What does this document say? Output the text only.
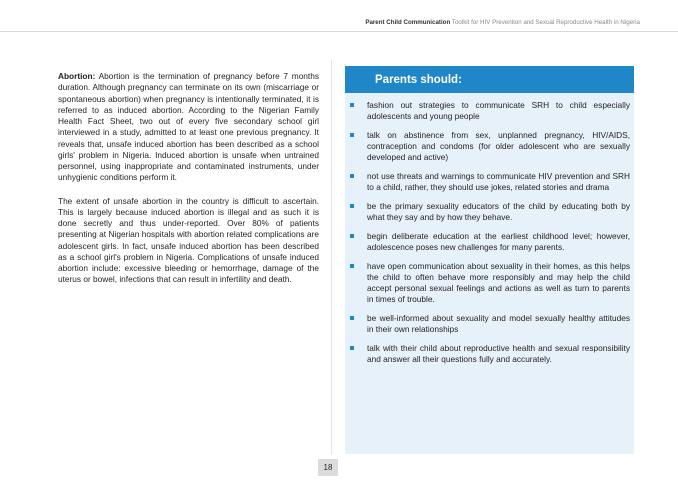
Parent Child Communication Toolkit for HIV Prevention and Sexual Reproductive Health in Nigeria

Abortion: Abortion is the termination of pregnancy before 7 months duration. Although pregnancy can terminate on its own (miscarriage or spontaneous abortion) when pregnancy is intentionally terminated, it is referred to as induced abortion. According to the Nigerian Family Health Fact Sheet, two out of every five secondary school girl interviewed in a study, admitted to at least one previous pregnancy. It reveals that, unsafe induced abortion has been described as a school girls' problem in Nigeria. Induced abortion is unsafe when untrained personnel, using inappropriate and contaminated instruments, under unhygienic conditions perform it.

The extent of unsafe abortion in the country is difficult to ascertain. This is largely because induced abortion is illegal and as such it is done secretly and thus under-reported. Over 80% of patients presenting at Nigerian hospitals with abortion related complications are adolescent girls. In fact, unsafe induced abortion has been described as a school girl's problem in Nigeria. Complications of unsafe induced abortion include: excessive bleeding or hemorrhage, damage of the uterus or bowel, infections that can result in infertility and death.

Parents should:
fashion out strategies to communicate SRH to child especially adolescents and young people
talk on abstinence from sex, unplanned pregnancy, HIV/AIDS, contraception and condoms (for older adolescent who are sexually developed and active)
not use threats and warnings to communicate HIV prevention and SRH to a child, rather, they should use jokes, related stories and drama
be the primary sexuality educators of the child by educating both by what they say and by how they behave.
begin deliberate education at the earliest childhood level; however, adolescence poses new challenges for many parents.
have open communication about sexuality in their homes, as this helps the child to often behave more responsibly and may help the child accept personal sexual feelings and actions as well as turn to parents in times of trouble.
be well-informed about sexuality and model sexually healthy attitudes in their own relationships
talk with their child about reproductive health and sexual responsibility and answer all their questions fully and accurately.
18
